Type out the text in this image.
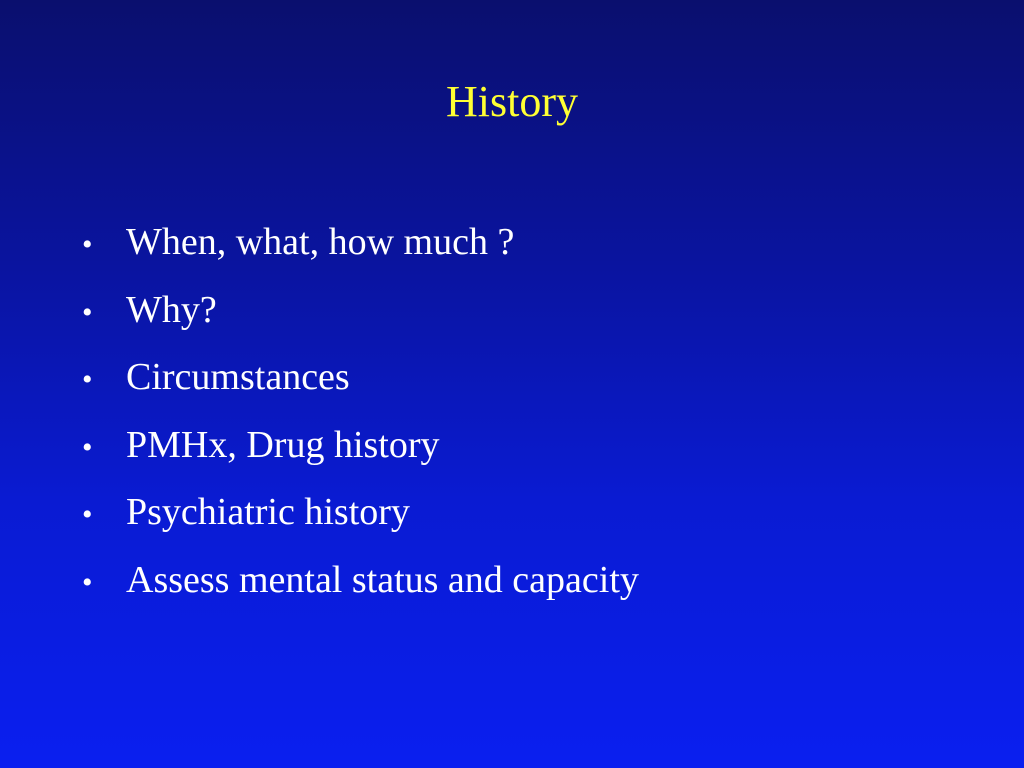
History
• When, what, how much ?
• Why?
• Circumstances
• PMHx, Drug history
• Psychiatric history
• Assess mental status and capacity
